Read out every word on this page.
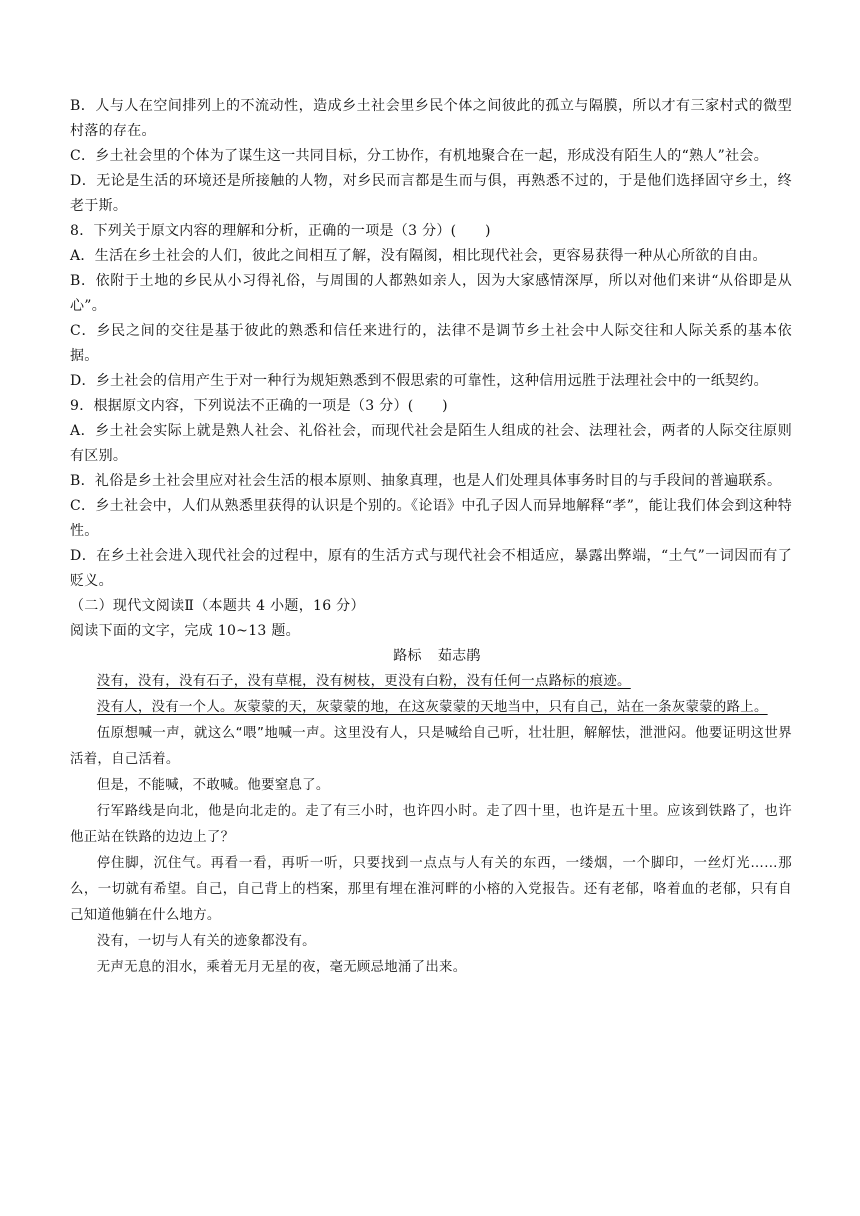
B．人与人在空间排列上的不流动性，造成乡土社会里乡民个体之间彼此的孤立与隔膜，所以才有三家村式的微型村落的存在。

C．乡土社会里的个体为了谋生这一共同目标，分工协作，有机地聚合在一起，形成没有陌生人的“熟人”社会。

D．无论是生活的环境还是所接触的人物，对乡民而言都是生而与俱，再熟悉不过的，于是他们选择固守乡土，终老于斯。

8．下列关于原文内容的理解和分析，正确的一项是（3 分）(　　)

A．生活在乡土社会的人们，彼此之间相互了解，没有隔阂，相比现代社会，更容易获得一种从心所欲的自由。

B．依附于土地的乡民从小习得礼俗，与周围的人都熟如亲人，因为大家感情深厚，所以对他们来讲“从俗即是从心”。

C．乡民之间的交往是基于彼此的熟悉和信任来进行的，法律不是调节乡土社会中人际交往和人际关系的基本依据。

D．乡土社会的信用产生于对一种行为规矩熟悉到不假思索的可靠性，这种信用远胜于法理社会中的一纸契约。

9．根据原文内容，下列说法不正确的一项是（3 分）(　　)

A．乡土社会实际上就是熟人社会、礼俗社会，而现代社会是陌生人组成的社会、法理社会，两者的人际交往原则有区别。

B．礼俗是乡土社会里应对社会生活的根本原则、抽象真理，也是人们处理具体事务时目的与手段间的普遍联系。

C．乡土社会中，人们从熟悉里获得的认识是个别的。《论语》中孔子因人而异地解释“孝”，能让我们体会到这种特性。

D．在乡土社会进入现代社会的过程中，原有的生活方式与现代社会不相适应，暴露出弊端，“土气”一词因而有了贬义。

（二）现代文阅读Ⅱ（本题共 4 小题，16 分）

阅读下面的文字，完成 10~13 题。

路标 茹志鹃

没有，没有，没有石子，没有草棍，没有树枝，更没有白粉，没有任何一点路标的痕迹。

没有人，没有一个人。灰蒙蒙的天，灰蒙蒙的地，在这灰蒙蒙的天地当中，只有自己，站在一条灰蒙蒙的路上。

伍原想喊一声，就这么“喂”地喊一声。这里没有人，只是喊给自己听，壮壮胆，解解怯，泄泄闷。他要证明这世界活着，自己活着。

但是，不能喊，不敢喊。他要窒息了。

行军路线是向北，他是向北走的。走了有三小时，也许四小时。走了四十里，也许是五十里。应该到铁路了，也许他正站在铁路的边边上了？

停住脚，沉住气。再看一看，再听一听，只要找到一点点与人有关的东西，一缕烟，一个脚印，一丝灯光……那么，一切就有希望。自己，自己背上的档案，那里有埋在淮河畔的小榕的入党报告。还有老郁，咯着血的老郁，只有自己知道他躺在什么地方。

没有，一切与人有关的迹象都没有。

无声无息的泪水，乘着无月无星的夜，毫无顾忌地涌了出来。
